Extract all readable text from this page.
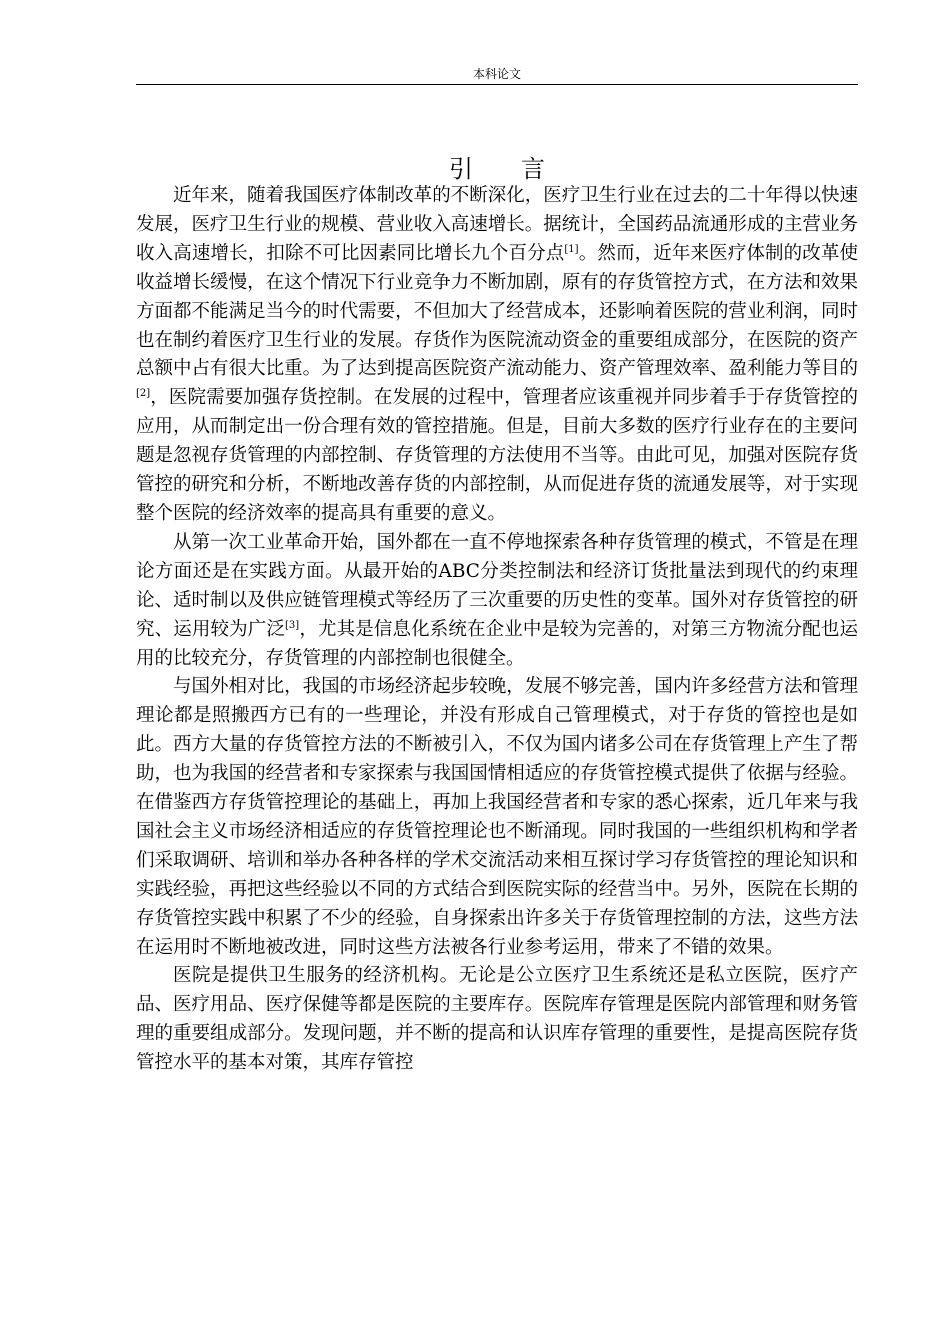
本科论文
引言

近年来，随着我国医疗体制改革的不断深化，医疗卫生行业在过去的二十年得以快速发展，医疗卫生行业的规模、营业收入高速增长。据统计，全国药品流通形成的主营业务收入高速增长，扣除不可比因素同比增长九个百分点[1]。然而，近年来医疗体制的改革使收益增长缓慢，在这个情况下行业竞争力不断加剧，原有的存货管控方式，在方法和效果方面都不能满足当今的时代需要，不但加大了经营成本，还影响着医院的营业利润，同时也在制约着医疗卫生行业的发展。存货作为医院流动资金的重要组成部分，在医院的资产总额中占有很大比重。为了达到提高医院资产流动能力、资产管理效率、盈利能力等目的[2]，医院需要加强存货控制。在发展的过程中，管理者应该重视并同步着手于存货管控的应用，从而制定出一份合理有效的管控措施。但是，目前大多数的医疗行业存在的主要问题是忽视存货管理的内部控制、存货管理的方法使用不当等。由此可见，加强对医院存货管控的研究和分析，不断地改善存货的内部控制，从而促进存货的流通发展等，对于实现整个医院的经济效率的提高具有重要的意义。

从第一次工业革命开始，国外都在一直不停地探索各种存货管理的模式，不管是在理论方面还是在实践方面。从最开始的ABC分类控制法和经济订货批量法到现代的约束理论、适时制以及供应链管理模式等经历了三次重要的历史性的变革。国外对存货管控的研究、运用较为广泛[3]，尤其是信息化系统在企业中是较为完善的，对第三方物流分配也运用的比较充分，存货管理的内部控制也很健全。

与国外相对比，我国的市场经济起步较晚，发展不够完善，国内许多经营方法和管理理论都是照搬西方已有的一些理论，并没有形成自己管理模式，对于存货的管控也是如此。西方大量的存货管控方法的不断被引入，不仅为国内诸多公司在存货管理上产生了帮助，也为我国的经营者和专家探索与我国国情相适应的存货管控模式提供了依据与经验。在借鉴西方存货管控理论的基础上，再加上我国经营者和专家的悉心探索，近几年来与我国社会主义市场经济相适应的存货管控理论也不断涌现。同时我国的一些组织机构和学者们采取调研、培训和举办各种各样的学术交流活动来相互探讨学习存货管控的理论知识和实践经验，再把这些经验以不同的方式结合到医院实际的经营当中。另外，医院在长期的存货管控实践中积累了不少的经验，自身探索出许多关于存货管理控制的方法，这些方法在运用时不断地被改进，同时这些方法被各行业参考运用，带来了不错的效果。

医院是提供卫生服务的经济机构。无论是公立医疗卫生系统还是私立医院，医疗产品、医疗用品、医疗保健等都是医院的主要库存。医院库存管理是医院内部管理和财务管理的重要组成部分。发现问题，并不断的提高和认识库存管理的重要性，是提高医院存货管控水平的基本对策，其库存管控
